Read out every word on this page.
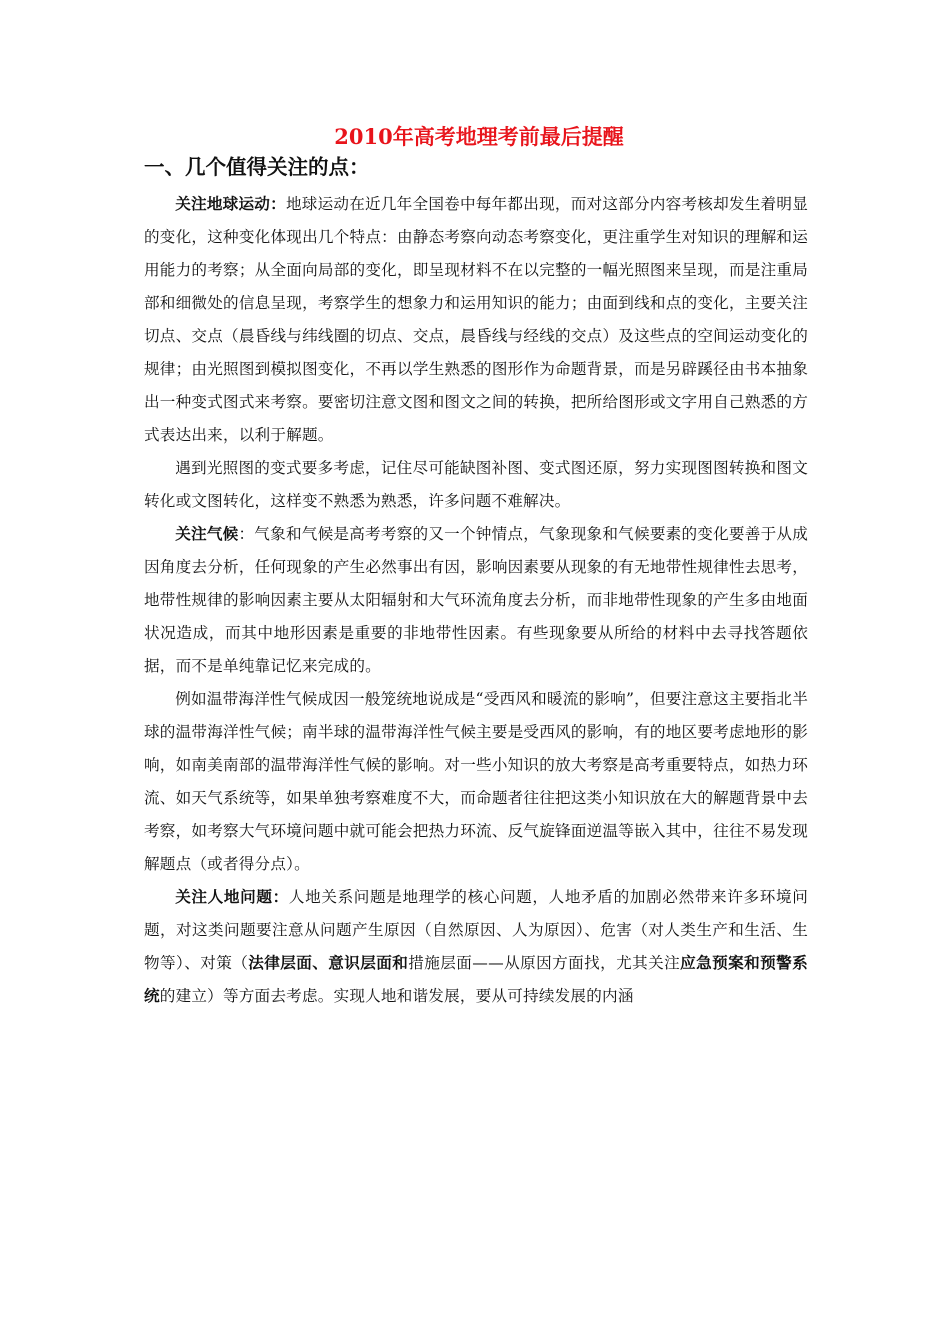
2010年高考地理考前最后提醒
一、几个值得关注的点：

关注地球运动：地球运动在近几年全国卷中每年都出现，而对这部分内容考核却发生着明显的变化，这种变化体现出几个特点：由静态考察向动态考察变化，更注重学生对知识的理解和运用能力的考察；从全面向局部的变化，即呈现材料不在以完整的一幅光照图来呈现，而是注重局部和细微处的信息呈现，考察学生的想象力和运用知识的能力；由面到线和点的变化，主要关注切点、交点（晨昏线与纬线圈的切点、交点，晨昏线与经线的交点）及这些点的空间运动变化的规律；由光照图到模拟图变化，不再以学生熟悉的图形作为命题背景，而是另辟蹊径由书本抽象出一种变式图式来考察。要密切注意文图和图文之间的转换，把所给图形或文字用自己熟悉的方式表达出来，以利于解题。

遇到光照图的变式要多考虑，记住尽可能缺图补图、变式图还原，努力实现图图转换和图文转化或文图转化，这样变不熟悉为熟悉，许多问题不难解决。

关注气候：气象和气候是高考考察的又一个钟情点，气象现象和气候要素的变化要善于从成因角度去分析，任何现象的产生必然事出有因，影响因素要从现象的有无地带性规律性去思考，地带性规律的影响因素主要从太阳辐射和大气环流角度去分析，而非地带性现象的产生多由地面状况造成，而其中地形因素是重要的非地带性因素。有些现象要从所给的材料中去寻找答题依据，而不是单纯靠记忆来完成的。

例如温带海洋性气候成因一般笼统地说成是“受西风和暖流的影响”，但要注意这主要指北半球的温带海洋性气候；南半球的温带海洋性气候主要是受西风的影响，有的地区要考虑地形的影响，如南美南部的温带海洋性气候的影响。对一些小知识的放大考察是高考重要特点，如热力环流、如天气系统等，如果单独考察难度不大，而命题者往往把这类小知识放在大的解题背景中去考察，如考察大气环境问题中就可能会把热力环流、反气旋锋面逆温等嵌入其中，往往不易发现解题点（或者得分点）。

关注人地问题：人地关系问题是地理学的核心问题，人地矛盾的加剧必然带来许多环境问题，对这类问题要注意从问题产生原因（自然原因、人为原因）、危害（对人类生产和生活、生物等）、对策（法律层面、意识层面和措施层面——从原因方面找，尤其关注应急预案和预警系统的建立）等方面去考虑。实现人地和谐发展，要从可持续发展的内涵
